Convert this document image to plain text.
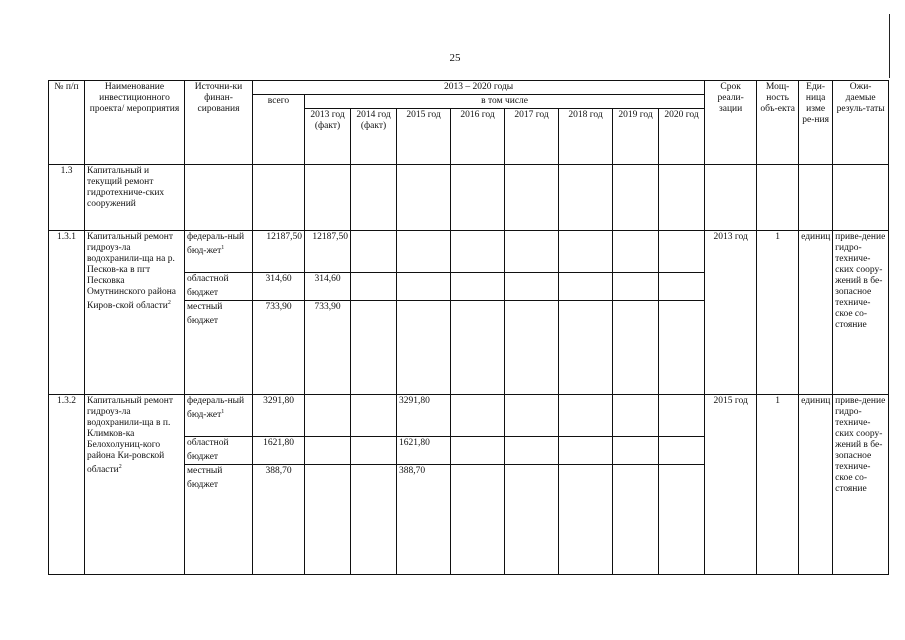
25
№ п/п	Наименование инвестиционного проекта/ мероприятия	Источни-ки финан-сирования	2013 – 2020 годы									Срок реали-зации	Мощ-ность объ-екта	Еди-ница изме ре-ния	Ожи-даемые резуль-таты
			всего	в том числе											
				2013 год (факт)	2014 год (факт)	2015 год	2016 год	2017 год	2018 год	2019 год	2020 год				
1.3	Капитальный и текущий ремонт гидротехниче-ских сооружений														
1.3.1	Капитальный ремонт гидроуз-ла водохранили-ща на р. Песков-ка в пгт Песковка Омутнинского района Киров-ской области$^2$	федераль-ный бюд-жет$^1$	12187,50	12187,50								2013 год	1	единиц	приве-дение гидро-техниче-ских соору-жений в бе-зопасное техниче-ское со-стояние
		областной бюджет	314,60	314,60											
		местный бюджет	733,90	733,90											
1.3.2	Капитальный ремонт гидроуз-ла водохранили-ща в п. Климков-ка Белохолуниц-кого района Ки-ровской области$^2$	федераль-ный бюд-жет$^1$	3291,80			3291,80						2015 год	1	единиц	приве-дение гидро-техниче-ских соору-жений в бе-зопасное техниче-ское со-стояние
		областной бюджет	1621,80			1621,80									
		местный бюджет	388,70			388,70									
